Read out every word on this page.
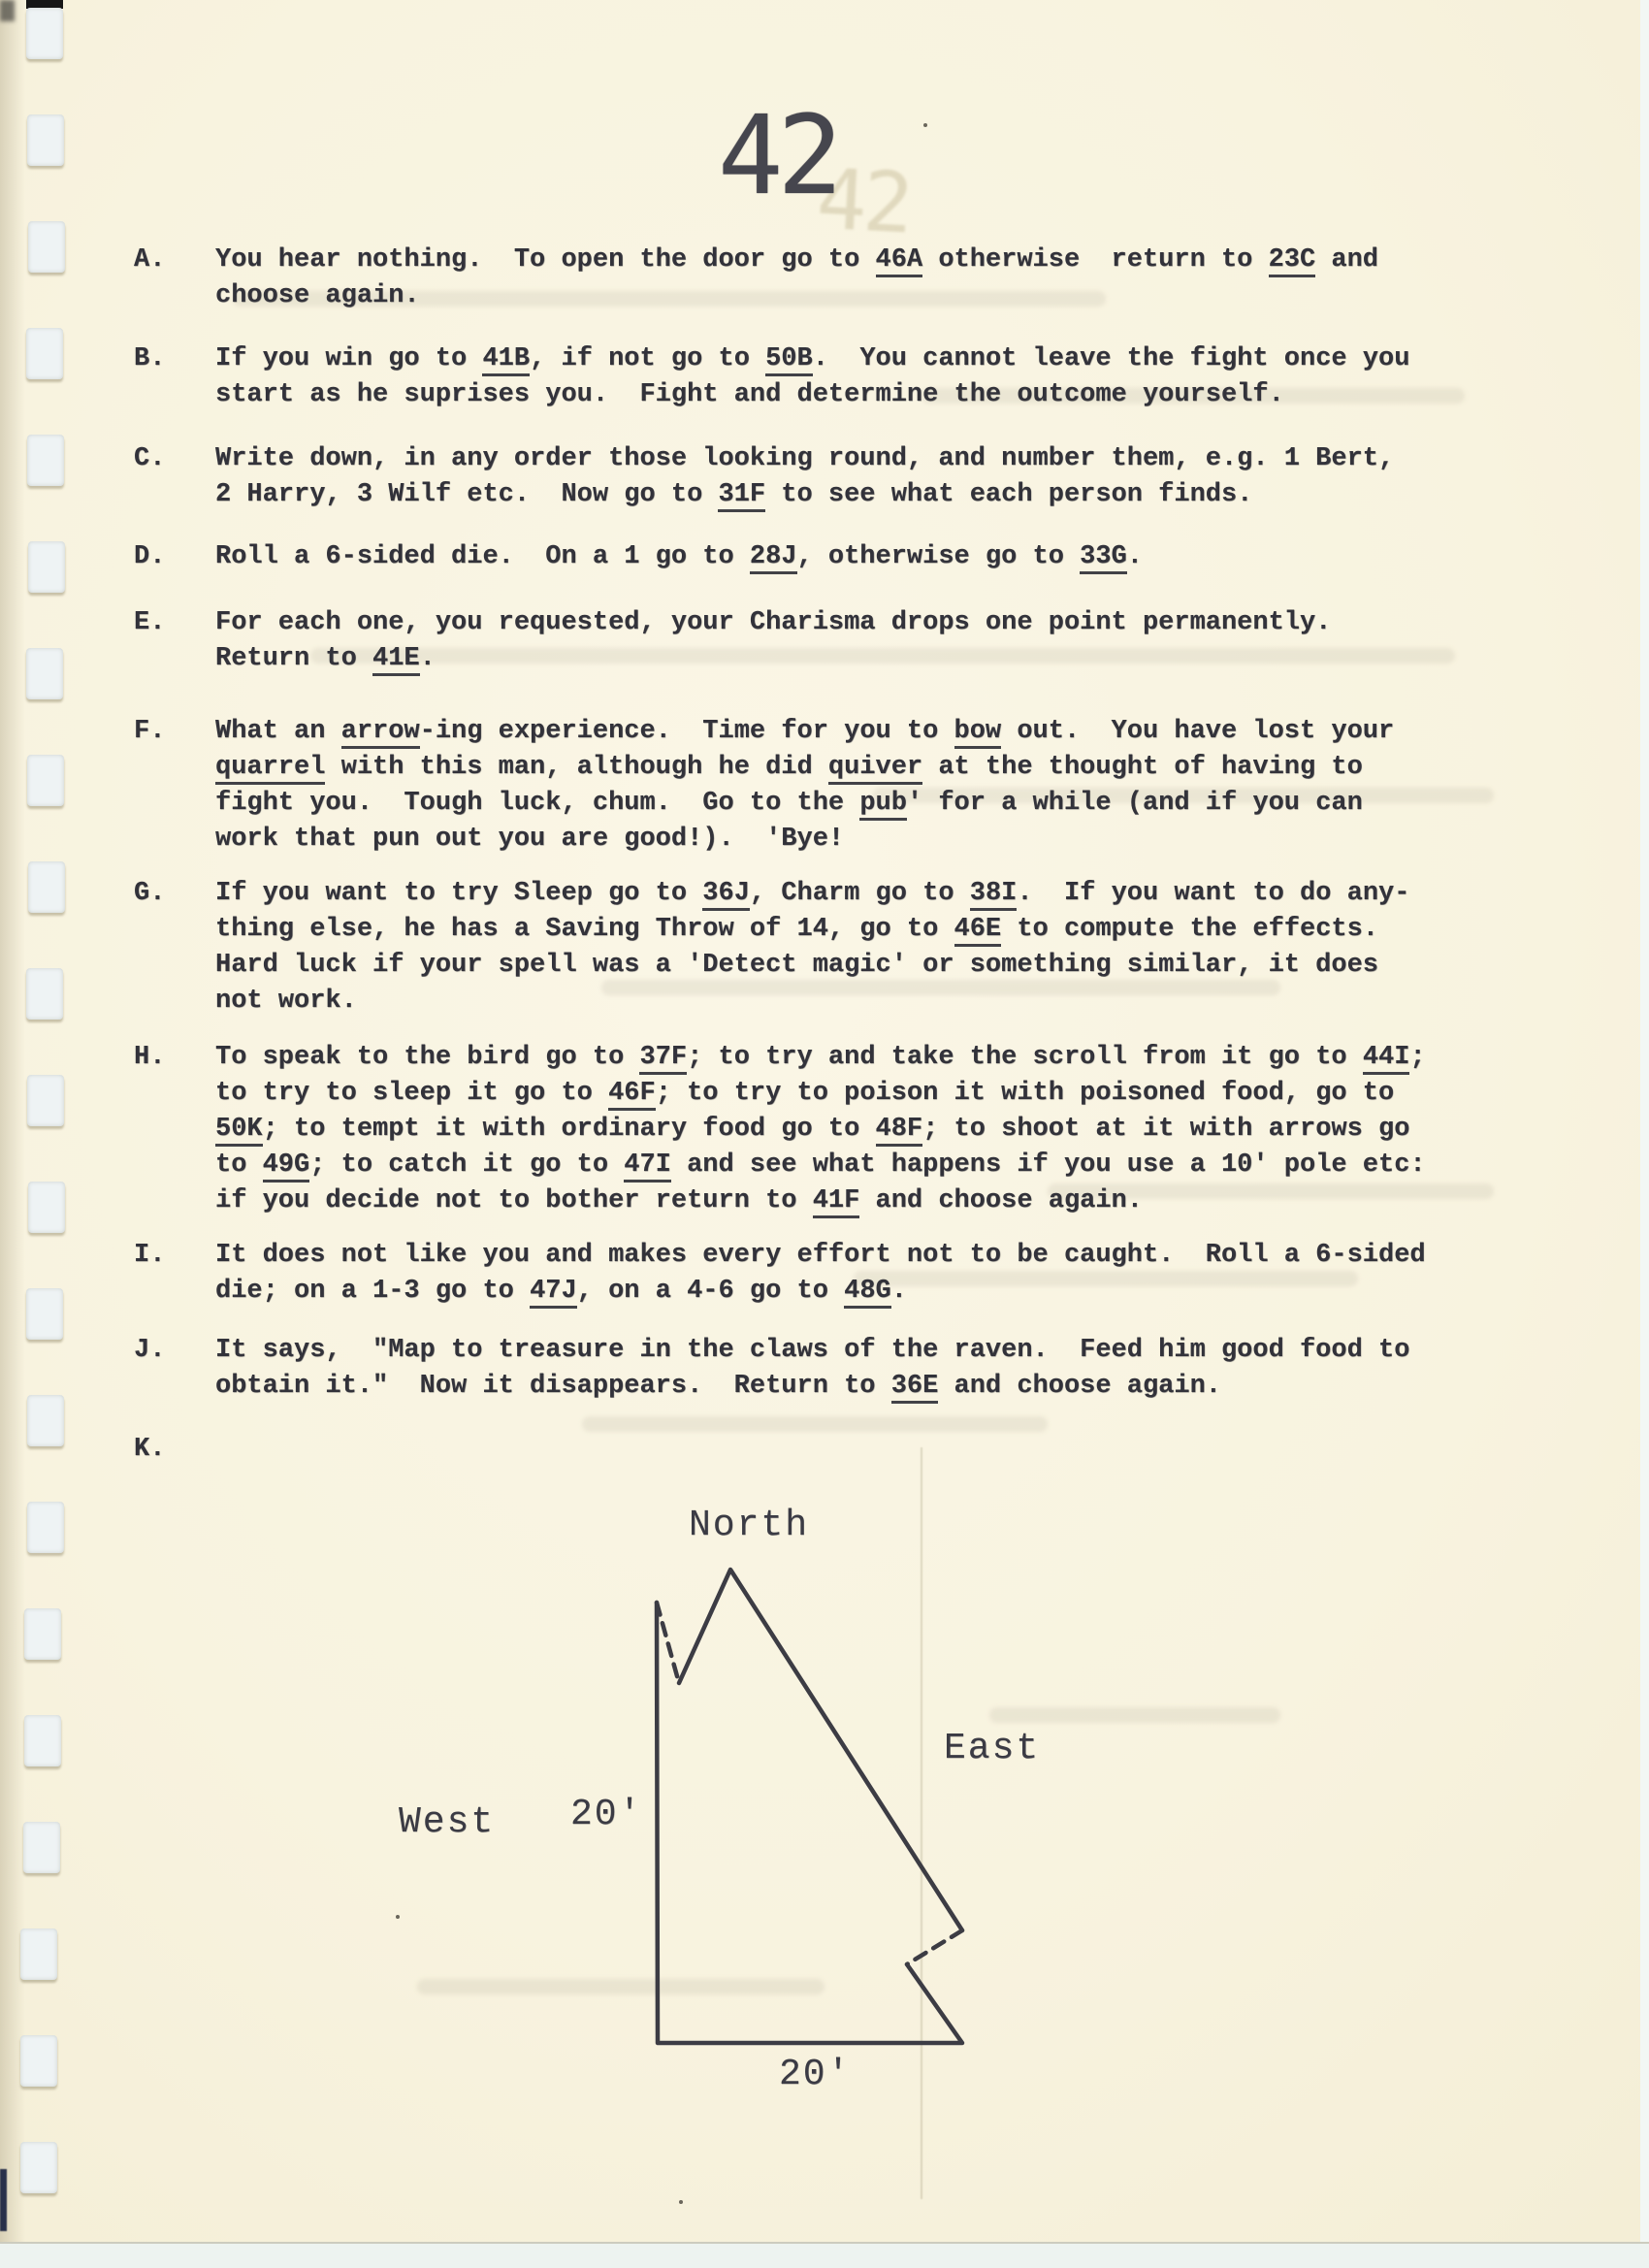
42
42
A. You hear nothing.  To open the door go to 46A otherwise  return to 23C and
choose again.
B. If you win go to 41B, if not go to 50B.  You cannot leave the fight once you
start as he suprises you.  Fight and determine the outcome yourself.
C. Write down, in any order those looking round, and number them, e.g. 1 Bert,
2 Harry, 3 Wilf etc.  Now go to 31F to see what each person finds.
D. Roll a 6-sided die.  On a 1 go to 28J, otherwise go to 33G.
E. For each one, you requested, your Charisma drops one point permanently.
Return to 41E.
F. What an arrow-ing experience.  Time for you to bow out.  You have lost your
quarrel with this man, although he did quiver at the thought of having to
fight you.  Tough luck, chum.  Go to the pub' for a while (and if you can
work that pun out you are good!).  'Bye!
G. If you want to try Sleep go to 36J, Charm go to 38I.  If you want to do any-
thing else, he has a Saving Throw of 14, go to 46E to compute the effects.
Hard luck if your spell was a 'Detect magic' or something similar, it does
not work.
H. To speak to the bird go to 37F; to try and take the scroll from it go to 44I;
to try to sleep it go to 46F; to try to poison it with poisoned food, go to
50K; to tempt it with ordinary food go to 48F; to shoot at it with arrows go
to 49G; to catch it go to 47I and see what happens if you use a 10' pole etc:
if you decide not to bother return to 41F and choose again.
I. It does not like you and makes every effort not to be caught.  Roll a 6-sided
die; on a 1-3 go to 47J, on a 4-6 go to 48G.
J. It says,  "Map to treasure in the claws of the raven.  Feed him good food to
obtain it."  Now it disappears.  Return to 36E and choose again.
K.
North
East
West 20'
20'
